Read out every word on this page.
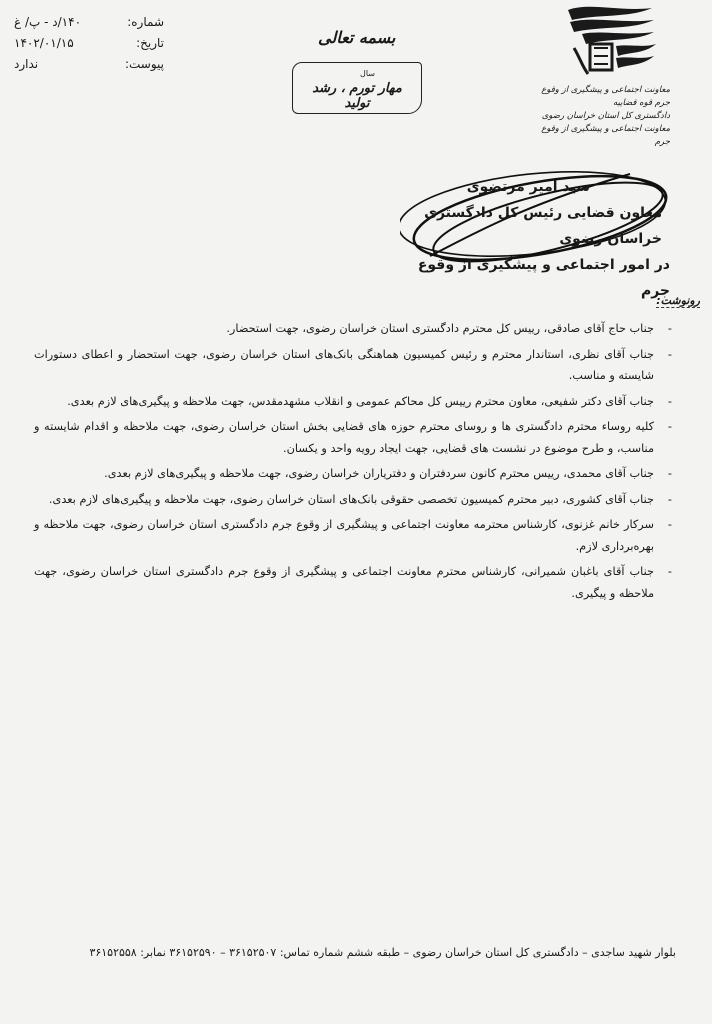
شماره:
۱۴۰/د - پ/ غ
تاریخ:
۱۴۰۲/۰۱/۱۵
پیوست:
ندارد
بسمه تعالی
سال
مهار تورم ، رشد تولید
معاونت اجتماعی و پیشگیری از وقوع جرم قوه قضاییه
دادگستری کل استان خراسان رضوی
معاونت اجتماعی و پیشگیری از وقوع جرم
سید امیر مرتضوی
معاون قضایی رئیس کل دادگستری خراسان رضوی
در امور اجتماعی و پیشگیری از وقوع جرم
رونوشت:
- جناب حاج آقای صادقی، رییس کل محترم دادگستری استان خراسان رضوی، جهت استحضار.
- جناب آقای نظری، استاندار محترم و رئیس کمیسیون هماهنگی بانک‌های استان خراسان رضوی، جهت استحضار و اعطای دستورات شایسته و مناسب.
- جناب آقای دکتر شفیعی، معاون محترم رییس کل محاکم عمومی و انقلاب مشهدمقدس، جهت ملاحظه و پیگیری‌های لازم بعدی.
- کلیه روساء محترم دادگستری ها و روسای محترم حوزه های قضایی بخش استان خراسان رضوی، جهت ملاحظه و اقدام شایسته و مناسب، و طرح موضوع در نشست های قضایی، جهت ایجاد رویه واحد و یکسان.
- جناب آقای محمدی، رییس محترم کانون سردفتران و دفتریاران خراسان رضوی، جهت ملاحظه و پیگیری‌های لازم بعدی.
- جناب آقای کشوری، دبیر محترم کمیسیون تخصصی حقوقی بانک‌های استان خراسان رضوی، جهت ملاحظه و پیگیری‌های لازم بعدی.
- سرکار خانم غزنوی، کارشناس محترمه معاونت اجتماعی و پیشگیری از وقوع جرم دادگستری استان خراسان رضوی، جهت ملاحظه و بهره‌برداری لازم.
- جناب آقای باغبان شمیرانی، کارشناس محترم معاونت اجتماعی و پیشگیری از وقوع جرم دادگستری استان خراسان رضوی، جهت ملاحظه و پیگیری.
بلوار شهید ساجدی – دادگستری کل استان خراسان رضوی – طبقه ششم شماره تماس: ۳۶۱۵۲۵۰۷ – ۳۶۱۵۲۵۹۰ نمابر: ۳۶۱۵۲۵۵۸
